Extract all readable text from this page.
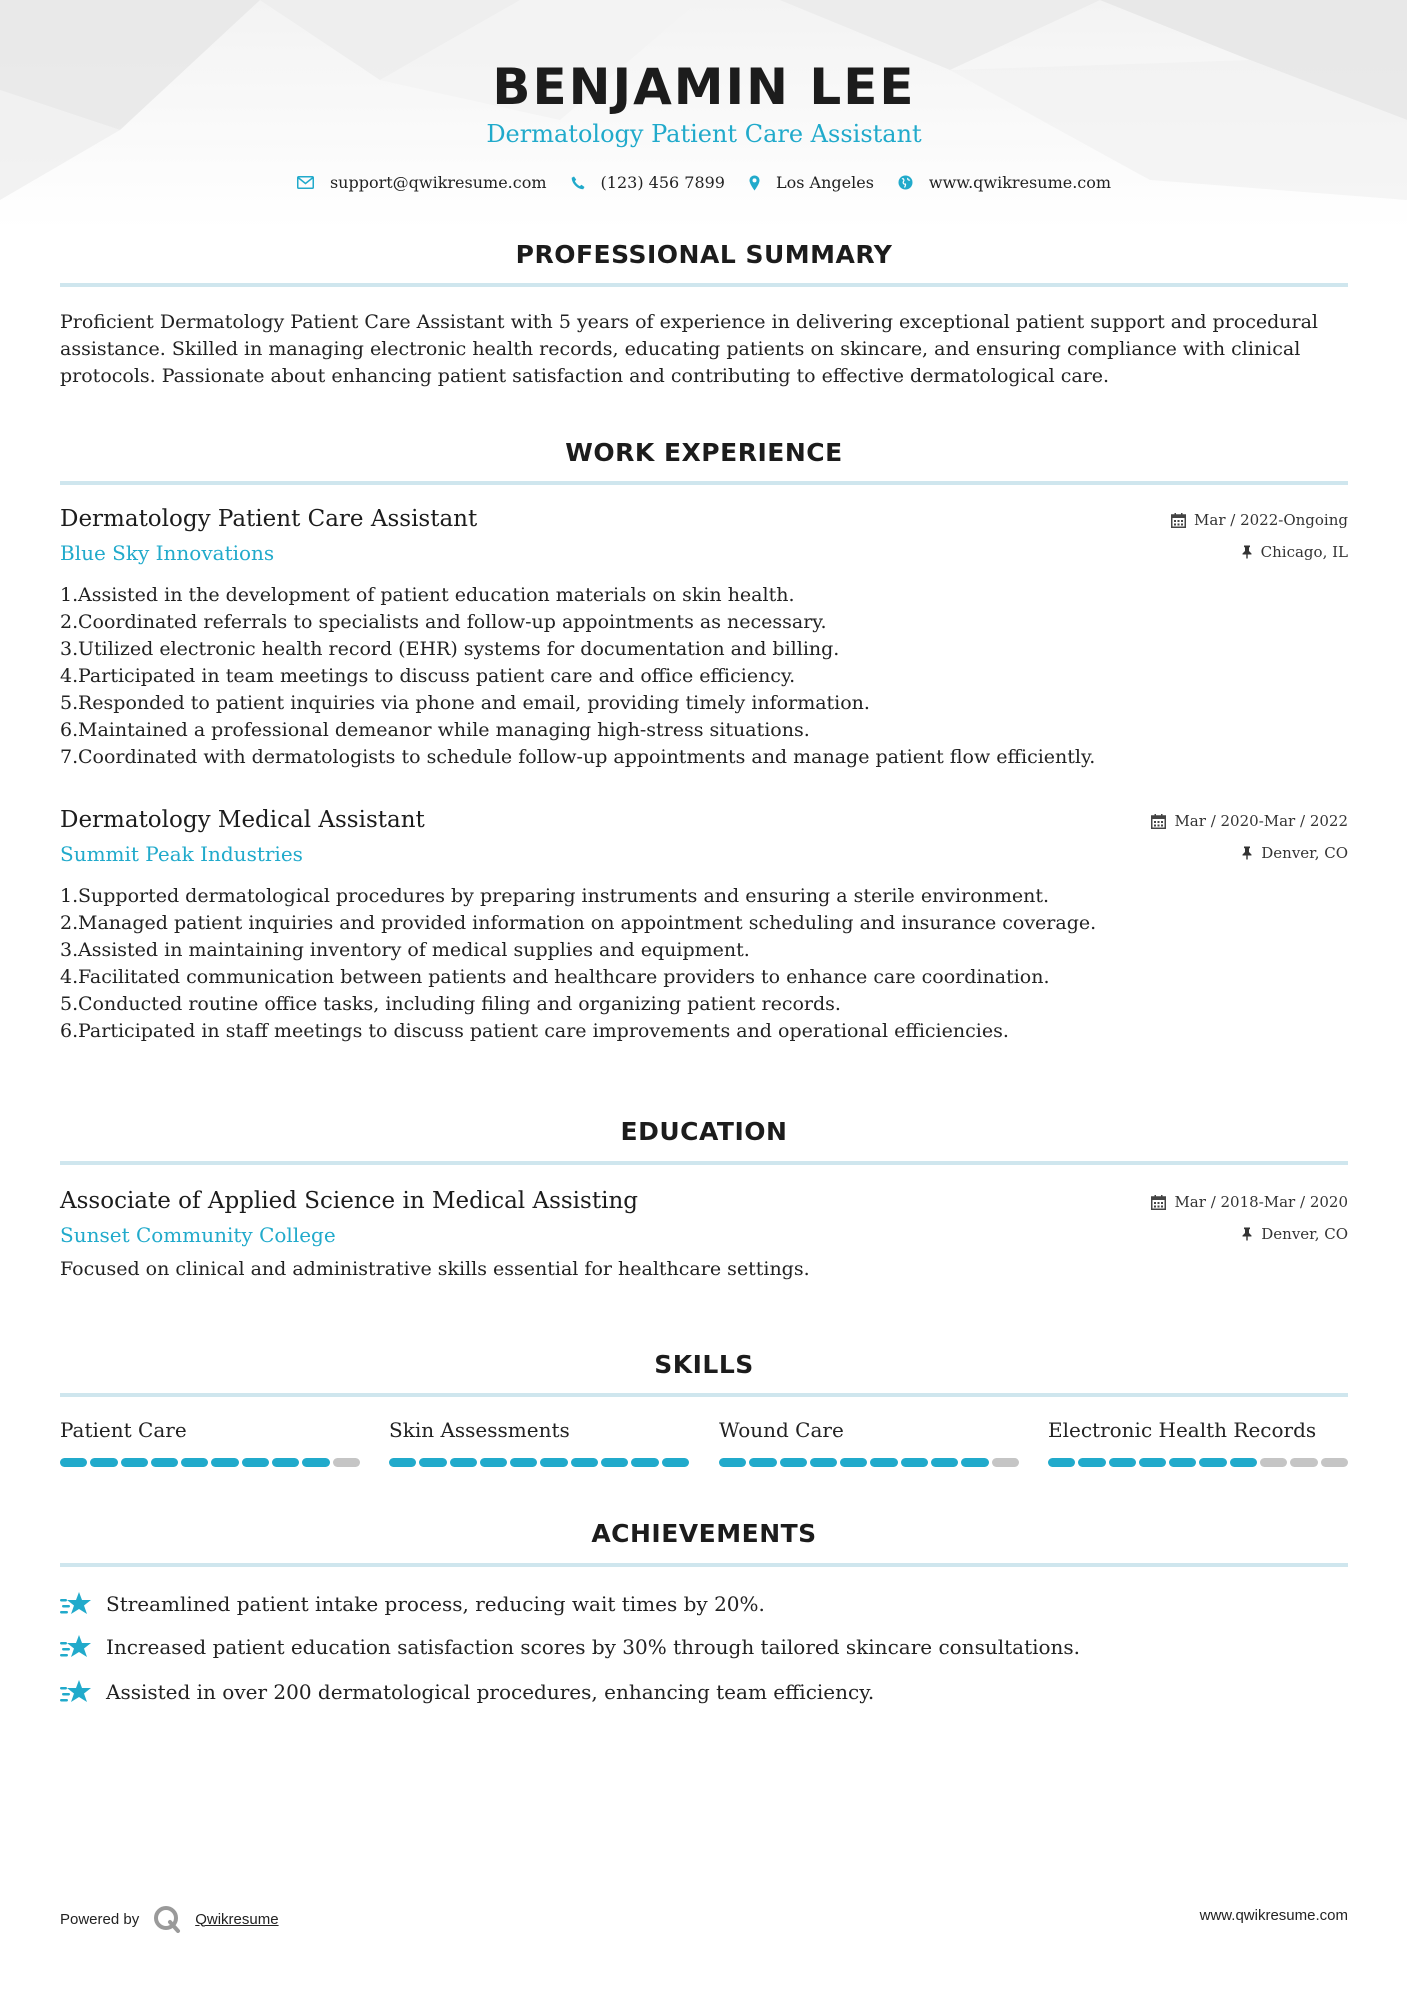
BENJAMIN LEE
Dermatology Patient Care Assistant
support@qwikresume.com	(123) 456 7899	Los Angeles	www.qwikresume.com
PROFESSIONAL SUMMARY
Proficient Dermatology Patient Care Assistant with 5 years of experience in delivering exceptional patient support and procedural
assistance. Skilled in managing electronic health records, educating patients on skincare, and ensuring compliance with clinical
protocols. Passionate about enhancing patient satisfaction and contributing to effective dermatological care.
WORK EXPERIENCE
Dermatology Patient Care Assistant
Blue Sky Innovations
Mar / 2022-Ongoing
Chicago, IL
1.Assisted in the development of patient education materials on skin health.
2.Coordinated referrals to specialists and follow-up appointments as necessary.
3.Utilized electronic health record (EHR) systems for documentation and billing.
4.Participated in team meetings to discuss patient care and office efficiency.
5.Responded to patient inquiries via phone and email, providing timely information.
6.Maintained a professional demeanor while managing high-stress situations.
7.Coordinated with dermatologists to schedule follow-up appointments and manage patient flow efficiently.
Dermatology Medical Assistant
Summit Peak Industries
Mar / 2020-Mar / 2022
Denver, CO
1.Supported dermatological procedures by preparing instruments and ensuring a sterile environment.
2.Managed patient inquiries and provided information on appointment scheduling and insurance coverage.
3.Assisted in maintaining inventory of medical supplies and equipment.
4.Facilitated communication between patients and healthcare providers to enhance care coordination.
5.Conducted routine office tasks, including filing and organizing patient records.
6.Participated in staff meetings to discuss patient care improvements and operational efficiencies.
EDUCATION
Associate of Applied Science in Medical Assisting
Sunset Community College
Mar / 2018-Mar / 2020
Denver, CO
Focused on clinical and administrative skills essential for healthcare settings.
SKILLS
Patient Care	Skin Assessments	Wound Care	Electronic Health Records
ACHIEVEMENTS
Streamlined patient intake process, reducing wait times by 20%.
Increased patient education satisfaction scores by 30% through tailored skincare consultations.
Assisted in over 200 dermatological procedures, enhancing team efficiency.
Powered by	Qwikresume	www.qwikresume.com
